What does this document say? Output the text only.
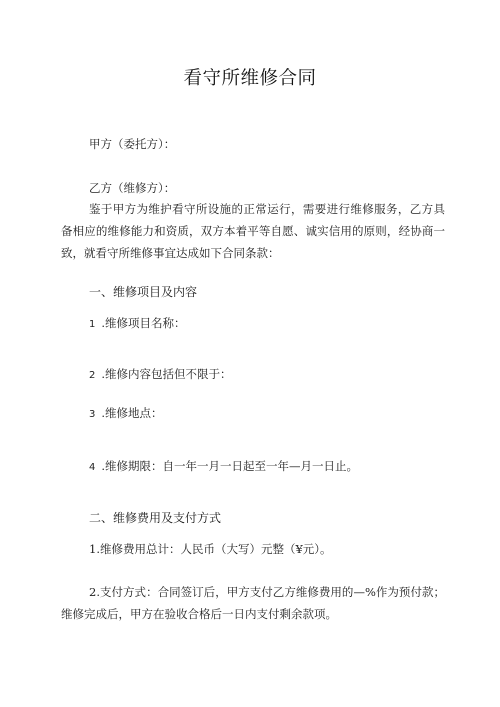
看守所维修合同
甲方（委托方）：
乙方（维修方）：
鉴于甲方为维护看守所设施的正常运行，需要进行维修服务，乙方具备相应的维修能力和资质，双方本着平等自愿、诚实信用的原则，经协商一致，就看守所维修事宜达成如下合同条款：
一、维修项目及内容
1 .维修项目名称：
2 .维修内容包括但不限于：
3 .维修地点：
4 .维修期限：自一年一月一日起至一年—月一日止。
二、维修费用及支付方式
1.维修费用总计：人民币（大写）元整（¥元）。
2.支付方式：合同签订后，甲方支付乙方维修费用的—%作为预付款；维修完成后，甲方在验收合格后一日内支付剩余款项。
